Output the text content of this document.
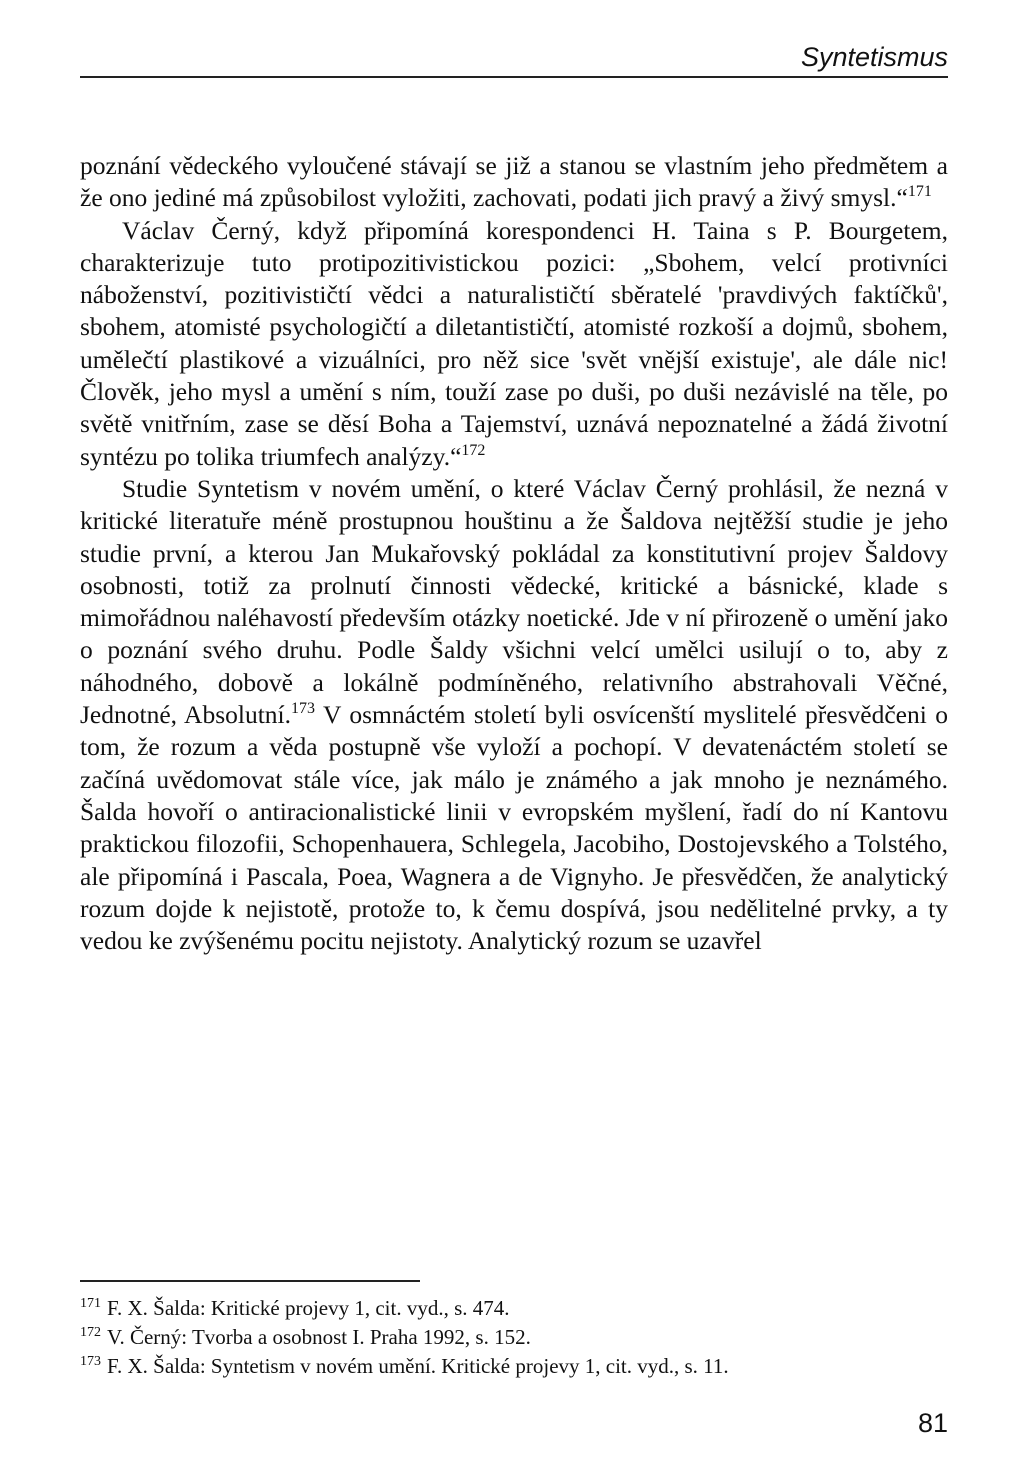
Syntetismus

poznání vědeckého vyloučené stávají se již a stanou se vlastním jeho předmětem a že ono jediné má způsobilost vyložiti, zachovati, podati jich pravý a živý smysl.“$^{171}$

Václav Černý, když připomíná korespondenci H. Taina s P. Bourgetem, charakterizuje tuto protipozitivistickou pozici: „Sbohem, velcí protivníci náboženství, pozitivističtí vědci a naturalističtí sběratelé 'pravdivých faktíčků', sbohem, atomisté psychologičtí a diletantističtí, atomisté rozkoší a dojmů, sbohem, umělečtí plastikové a vizuálníci, pro něž sice 'svět vnější existuje', ale dále nic! Člověk, jeho mysl a umění s ním, touží zase po duši, po duši nezávislé na těle, po světě vnitřním, zase se děsí Boha a Tajemství, uznává nepoznatelné a žádá životní syntézu po tolika triumfech analýzy.“$^{172}$

Studie Syntetism v novém umění, o které Václav Černý prohlásil, že nezná v kritické literatuře méně prostupnou houštinu a že Šaldova nejtěžší studie je jeho studie první, a kterou Jan Mukařovský pokládal za konstitutivní projev Šaldovy osobnosti, totiž za prolnutí činnosti vědecké, kritické a básnické, klade s mimořádnou naléhavostí především otázky noetické. Jde v ní přirozeně o umění jako o poznání svého druhu. Podle Šaldy všichni velcí umělci usilují o to, aby z náhodného, dobově a lokálně podmíněného, relativního abstrahovali Věčné, Jednotné, Absolutní.$^{173}$ V osmnáctém století byli osvícenští myslitelé přesvědčeni o tom, že rozum a věda postupně vše vyloží a pochopí. V devatenáctém století se začíná uvědomovat stále více, jak málo je známého a jak mnoho je neznámého. Šalda hovoří o antiracionalistické linii v evropském myšlení, řadí do ní Kantovu praktickou filozofii, Schopenhauera, Schlegela, Jacobiho, Dostojevského a Tolstého, ale připomíná i Pascala, Poea, Wagnera a de Vignyho. Je přesvědčen, že analytický rozum dojde k nejistotě, protože to, k čemu dospívá, jsou nedělitelné prvky, a ty vedou ke zvýšenému pocitu nejistoty. Analytický rozum se uzavřel

$^{171}$ F. X. Šalda: Kritické projevy 1, cit. vyd., s. 474.
$^{172}$ V. Černý: Tvorba a osobnost I. Praha 1992, s. 152.
$^{173}$ F. X. Šalda: Syntetism v novém umění. Kritické projevy 1, cit. vyd., s. 11.
81
